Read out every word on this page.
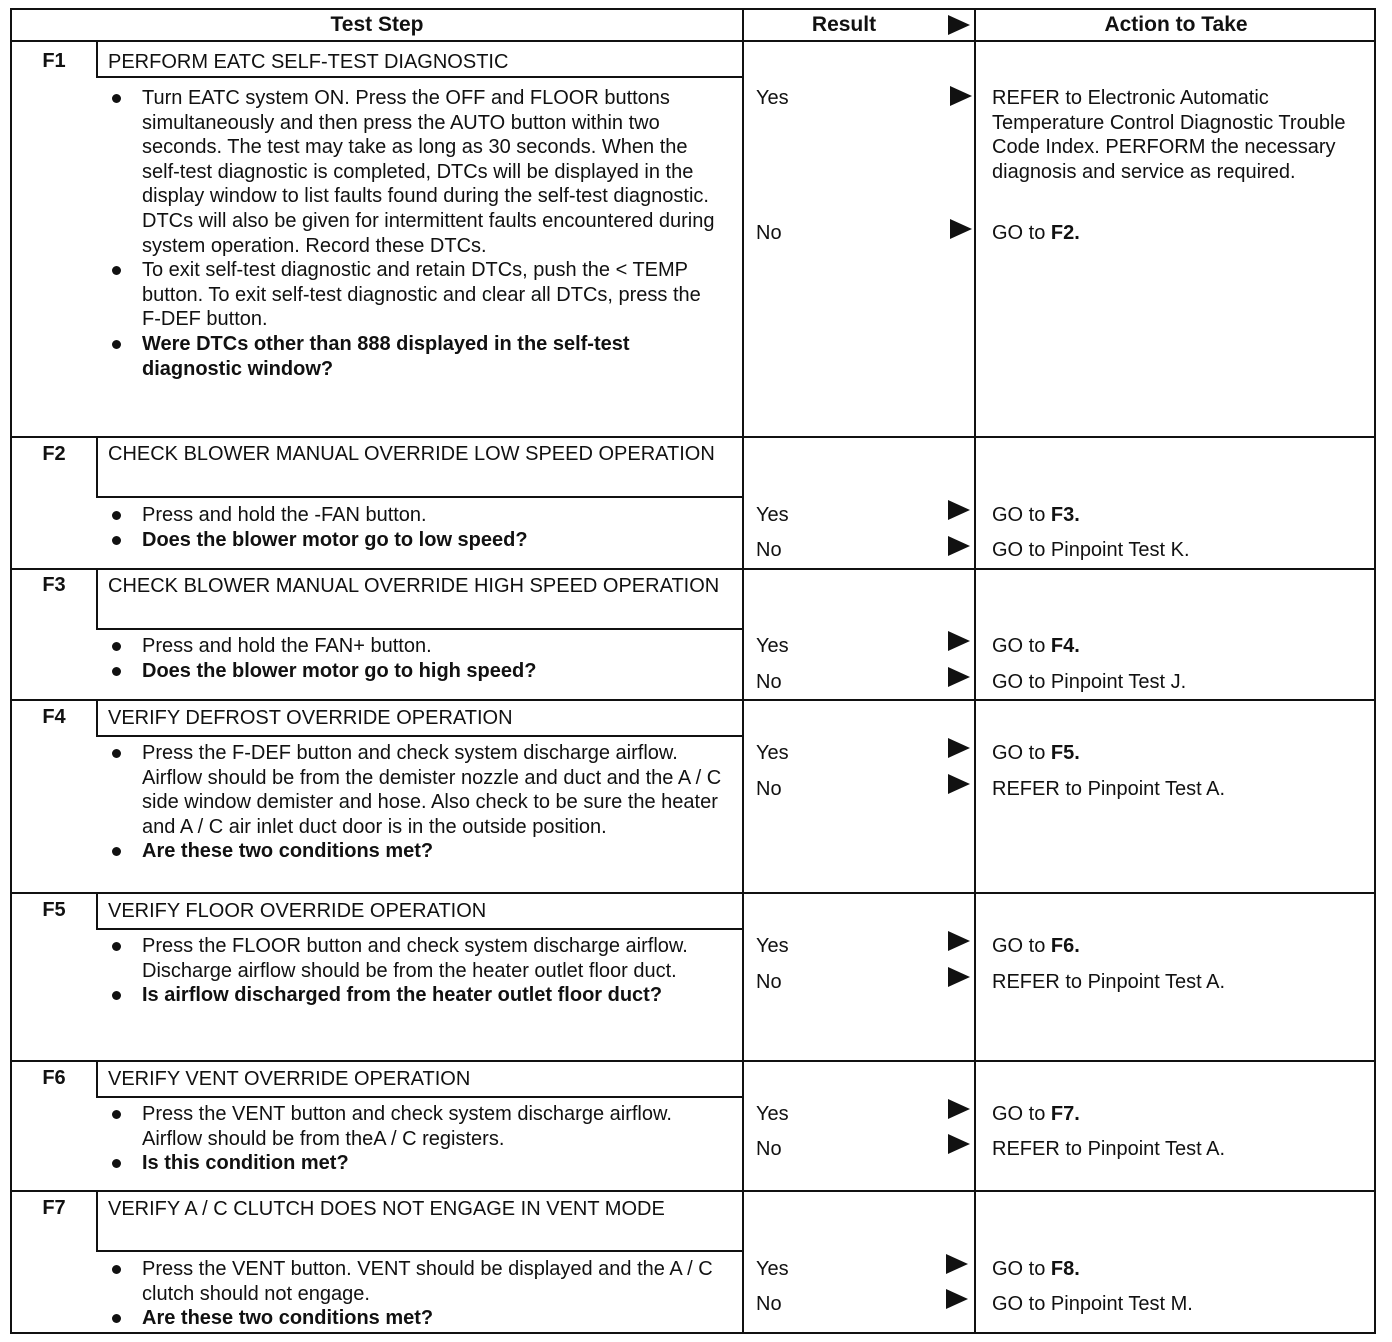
Test Step	Result	Action to Take
F1	PERFORM EATC SELF-TEST DIAGNOSTIC
Turn EATC system ON. Press the OFF and FLOOR buttons simultaneously and then press the AUTO button within two seconds. The test may take as long as 30 seconds. When the self-test diagnostic is completed, DTCs will be displayed in the display window to list faults found during the self-test diagnostic. DTCs will also be given for intermittent faults encountered during system operation. Record these DTCs.
To exit self-test diagnostic and retain DTCs, push the < TEMP button. To exit self-test diagnostic and clear all DTCs, press the F-DEF button.
Were DTCs other than 888 displayed in the self-test diagnostic window?
Yes	REFER to Electronic Automatic Temperature Control Diagnostic Trouble Code Index. PERFORM the necessary diagnosis and service as required.
No	GO to F2.
F2	CHECK BLOWER MANUAL OVERRIDE LOW SPEED OPERATION
Press and hold the -FAN button.
Does the blower motor go to low speed?
Yes	GO to F3.
No	GO to Pinpoint Test K.
F3	CHECK BLOWER MANUAL OVERRIDE HIGH SPEED OPERATION
Press and hold the FAN+ button.
Does the blower motor go to high speed?
Yes	GO to F4.
No	GO to Pinpoint Test J.
F4	VERIFY DEFROST OVERRIDE OPERATION
Press the F-DEF button and check system discharge airflow. Airflow should be from the demister nozzle and duct and the A / C side window demister and hose. Also check to be sure the heater and A / C air inlet duct door is in the outside position.
Are these two conditions met?
Yes	GO to F5.
No	REFER to Pinpoint Test A.
F5	VERIFY FLOOR OVERRIDE OPERATION
Press the FLOOR button and check system discharge airflow. Discharge airflow should be from the heater outlet floor duct.
Is airflow discharged from the heater outlet floor duct?
Yes	GO to F6.
No	REFER to Pinpoint Test A.
F6	VERIFY VENT OVERRIDE OPERATION
Press the VENT button and check system discharge airflow. Airflow should be from theA / C registers.
Is this condition met?
Yes	GO to F7.
No	REFER to Pinpoint Test A.
F7	VERIFY A / C CLUTCH DOES NOT ENGAGE IN VENT MODE
Press the VENT button. VENT should be displayed and the A / C clutch should not engage.
Are these two conditions met?
Yes	GO to F8.
No	GO to Pinpoint Test M.
